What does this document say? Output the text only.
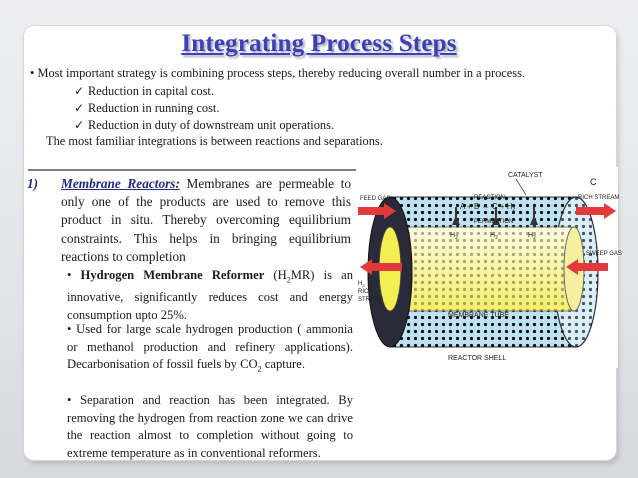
Integrating Process Steps
• Most important strategy is combining process steps, thereby reducing overall number in a process.
✓ Reduction in capital cost.
✓ Reduction in running cost.
✓ Reduction in duty of downstream unit operations.
The most familiar integrations is between reactions and separations.
1) Membrane Reactors: Membranes are permeable to only one of the products are used to remove this product in situ. Thereby overcoming equilibrium constraints. This helps in bringing equilibrium reactions to completion
• Hydrogen Membrane Reformer $(H_2MR)$ is an innovative, significantly reduces cost and energy consumption upto 25%.
• Used for large scale hydrogen production ( ammonia or methanol production and refinery applications). Decarbonisation of fossil fuels by $CO_2$ capture.
• Separation and reaction has been integrated. By removing the hydrogen from reaction zone we can drive the reaction almost to completion without going to extreme temperature as in conventional reformers.
CATALYST
C
RICH STREAM
FEED GAS	REACTION
A + B ⇔ $C + H_2$
PERMEATION
$H_2$	$H_2$	$H_2$
SWEEP GAS
$H_2$
RICH
STREAM
MEMBRANE TUBE
REACTOR SHELL
